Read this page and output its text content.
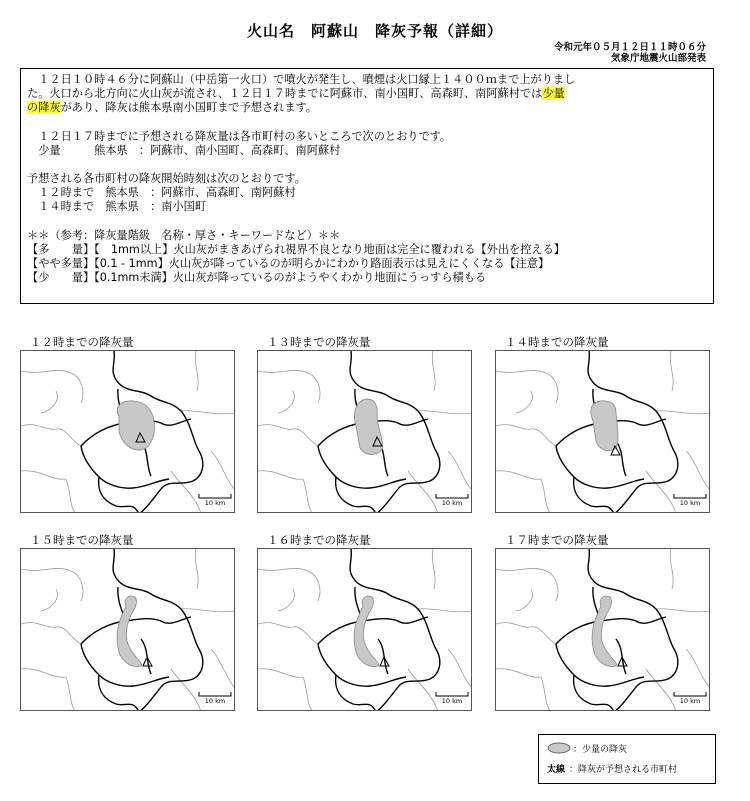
火山名　阿蘇山　降灰予報（詳細）
令和元年０５月１２日１１時０６分
気象庁地震火山部発表

　１２日１０時４６分に阿蘇山（中岳第一火口）で噴火が発生し、噴煙は火口縁上１４００ｍまで上がりまし

た。火口から北方向に火山灰が流され、１２日１７時までに阿蘇市、南小国町、高森町、南阿蘇村では少量

の降灰があり、降灰は熊本県南小国町まで予想されます。

　１２日１７時までに予想される降灰量は各市町村の多いところで次のとおりです。

　少量　　　熊本県　：阿蘇市、南小国町、高森町、南阿蘇村

予想される各市町村の降灰開始時刻は次のとおりです。

　１２時まで　熊本県　：阿蘇市、高森町、南阿蘇村

　１４時まで　熊本県　：南小国町

＊＊（参考：降灰量階級　名称・厚さ・キーワードなど）＊＊

【多　　量】【　1mm以上】火山灰がまきあげられ視界不良となり地面は完全に覆われる【外出を控える】

【やや多量】【0.1 - 1mm】火山灰が降っているのが明らかにわかり路面表示は見えにくくなる【注意】

【少　　量】【0.1mm未満】火山灰が降っているのがようやくわかり地面にうっすら積もる

１２時までの降灰量	１３時までの降灰量	１４時までの降灰量
１５時までの降灰量	１６時までの降灰量	１７時までの降灰量
10 km	10 km	10 km
10 km	10 km	10 km
：少量の降灰
太線 ：降灰が予想される市町村
